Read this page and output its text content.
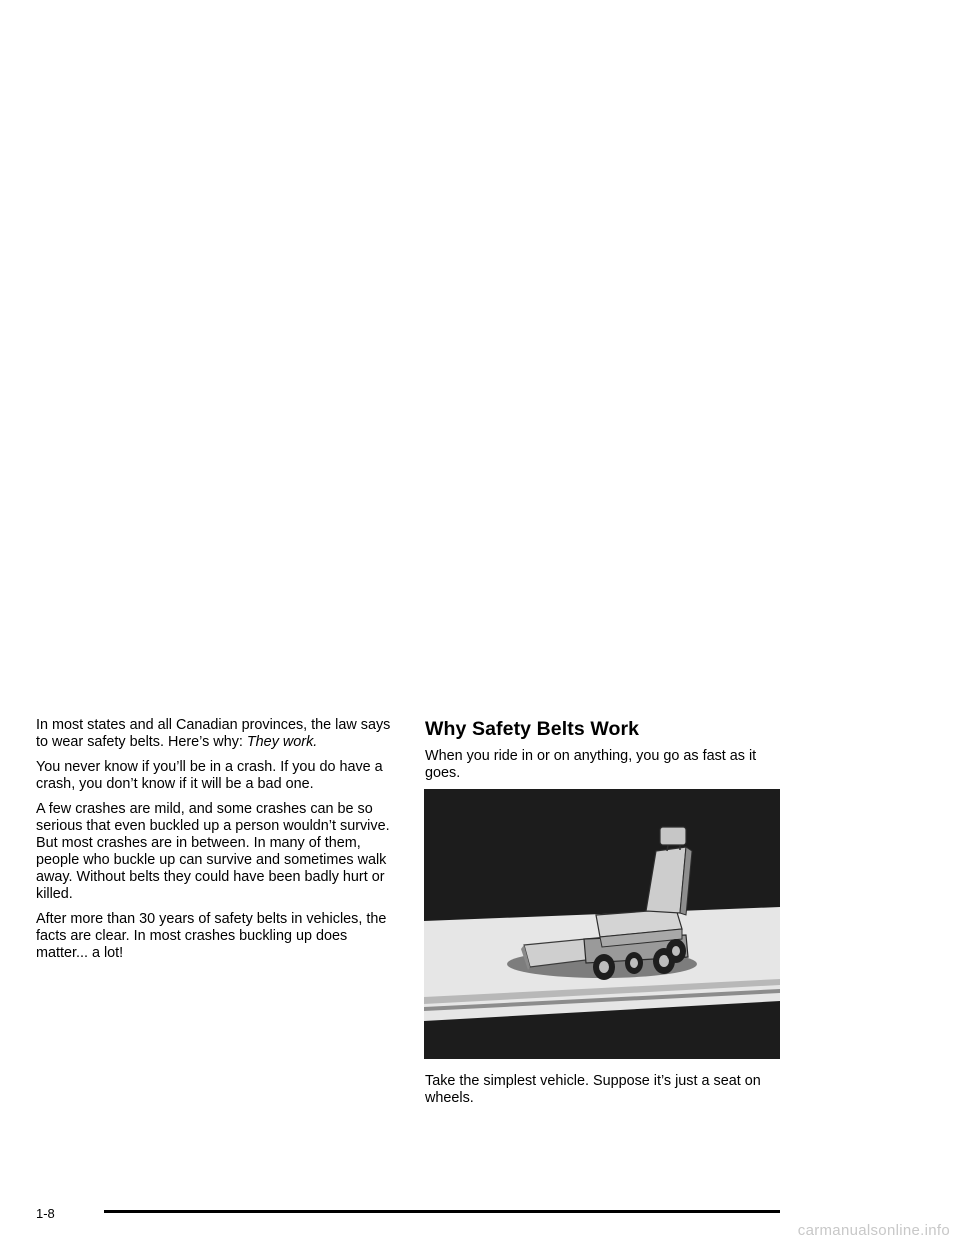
In most states and all Canadian provinces, the law says to wear safety belts. Here’s why: They work.

You never know if you’ll be in a crash. If you do have a crash, you don’t know if it will be a bad one.

A few crashes are mild, and some crashes can be so serious that even buckled up a person wouldn’t survive. But most crashes are in between. In many of them, people who buckle up can survive and sometimes walk away. Without belts they could have been badly hurt or killed.

After more than 30 years of safety belts in vehicles, the facts are clear. In most crashes buckling up does matter... a lot!

Why Safety Belts Work

When you ride in or on anything, you go as fast as it goes.

Take the simplest vehicle. Suppose it’s just a seat on wheels.

1-8
carmanualsonline.info
